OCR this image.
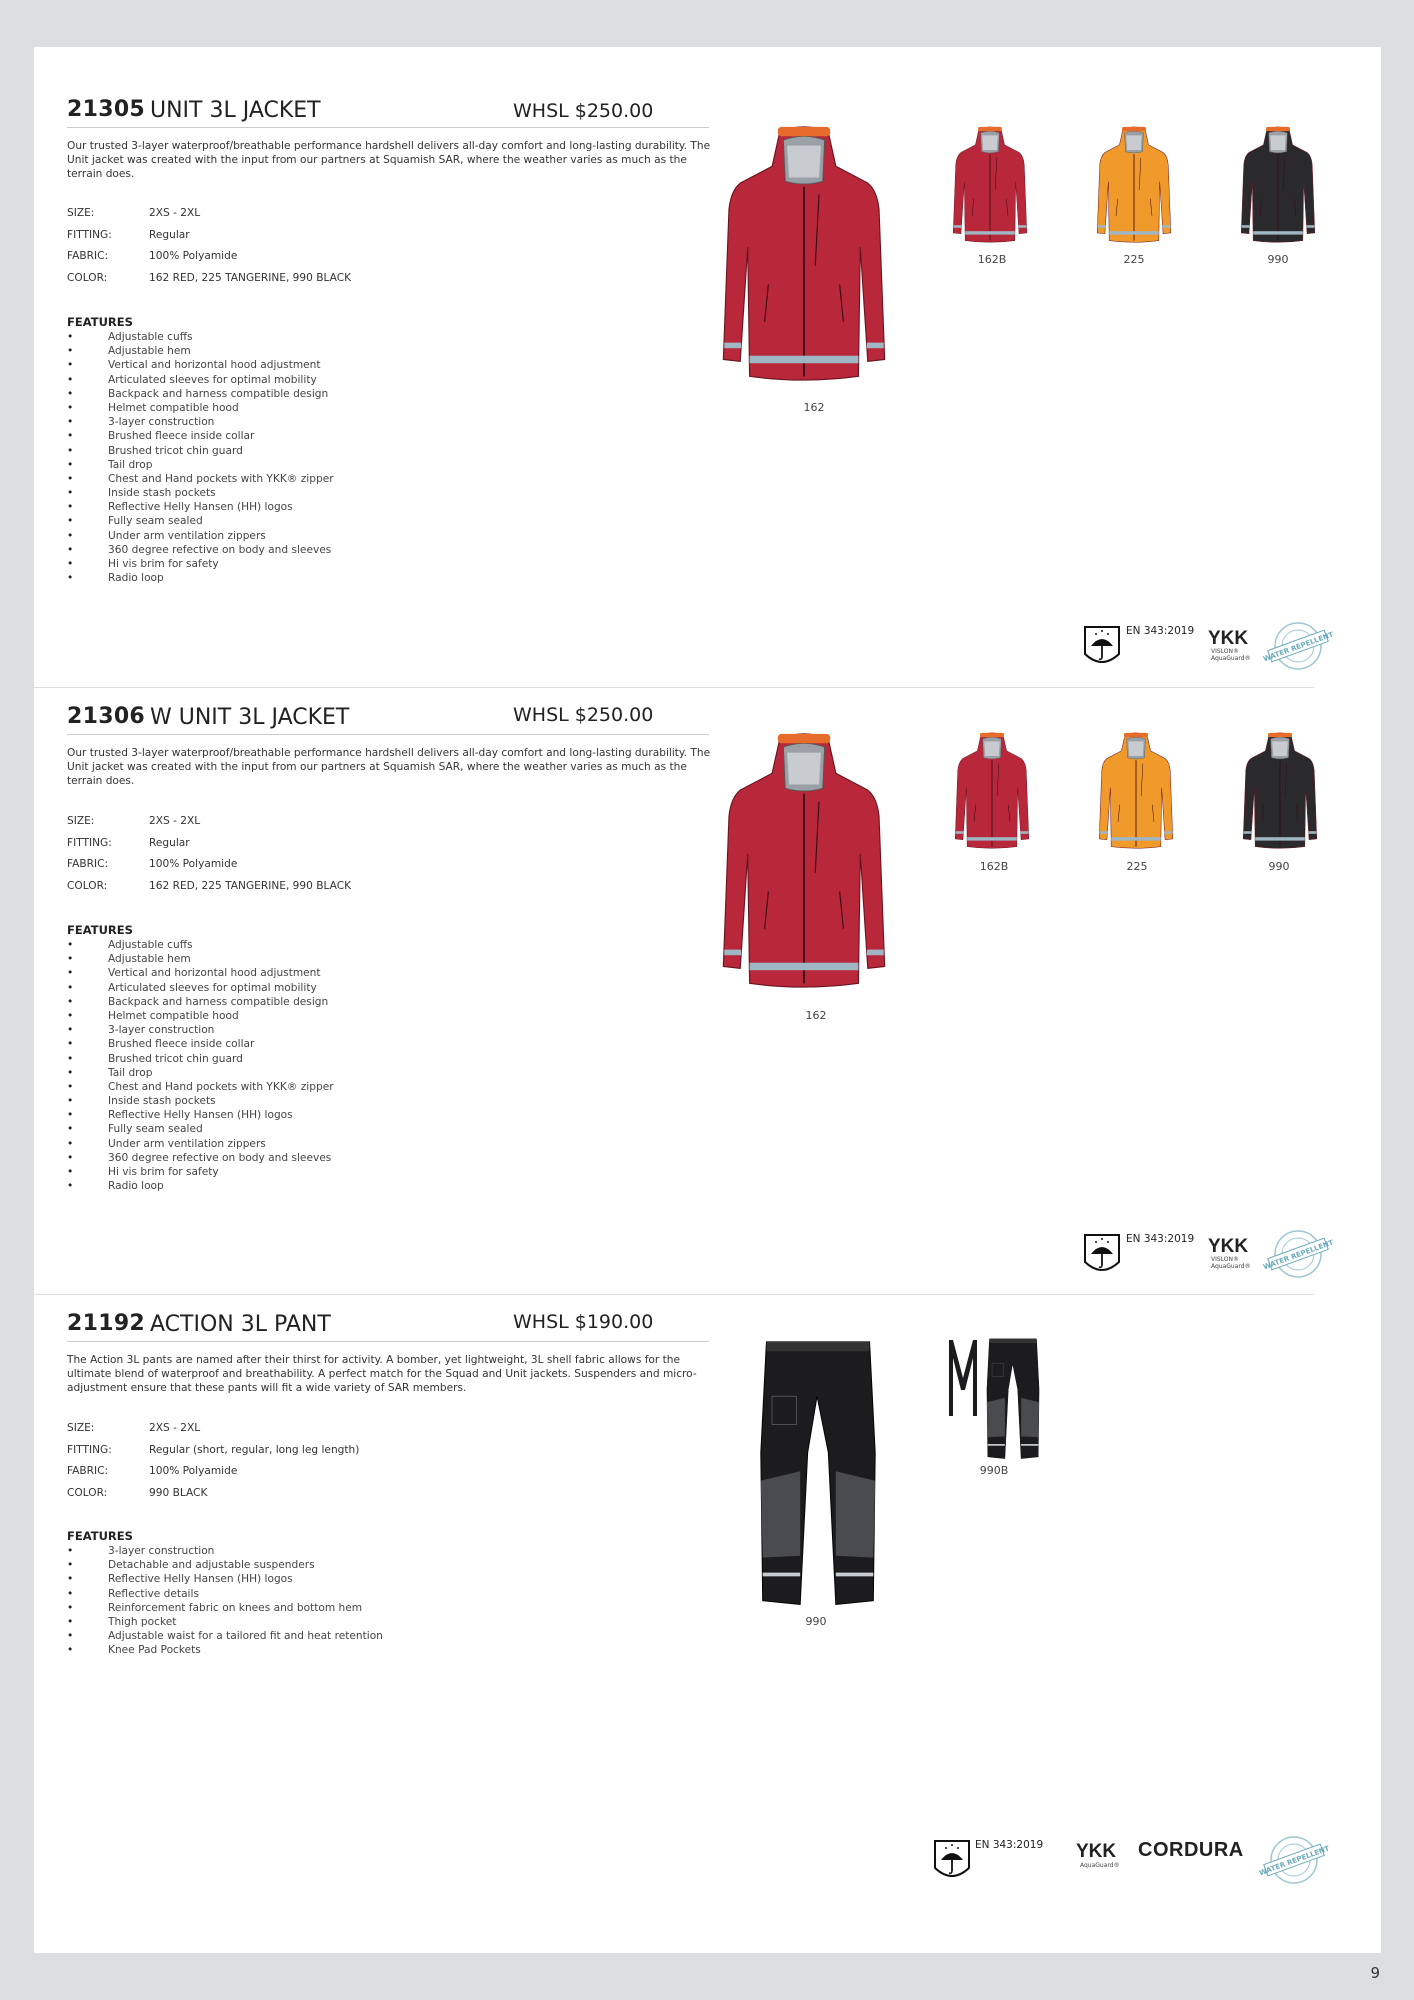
21305 UNIT 3L JACKET	WHSL $250.00
Our trusted 3-layer waterproof/breathable performance hardshell delivers all-day comfort and long-lasting durability. The Unit jacket was created with the input from our partners at Squamish SAR, where the weather varies as much as the terrain does.
SIZE:	2XS - 2XL
FITTING:	Regular
FABRIC:	100% Polyamide
COLOR:	162 RED, 225 TANGERINE, 990 BLACK
FEATURES
• Adjustable cuffs
• Adjustable hem
• Vertical and horizontal hood adjustment
• Articulated sleeves for optimal mobility
• Backpack and harness compatible design
• Helmet compatible hood
• 3-layer construction
• Brushed fleece inside collar
• Brushed tricot chin guard
• Tail drop
• Chest and Hand pockets with YKK® zipper
• Inside stash pockets
• Reflective Helly Hansen (HH) logos
• Fully seam sealed
• Under arm ventilation zippers
• 360 degree refective on body and sleeves
• Hi vis brim for safety
• Radio loop
162
162B	225	990
EN 343:2019 YKK
VISLON®
AquaGuard® WATER REPELLENT
21306 W UNIT 3L JACKET	WHSL $250.00
Our trusted 3-layer waterproof/breathable performance hardshell delivers all-day comfort and long-lasting durability. The Unit jacket was created with the input from our partners at Squamish SAR, where the weather varies as much as the terrain does.
SIZE:	2XS - 2XL
FITTING:	Regular
FABRIC:	100% Polyamide
COLOR:	162 RED, 225 TANGERINE, 990 BLACK
FEATURES
• Adjustable cuffs
• Adjustable hem
• Vertical and horizontal hood adjustment
• Articulated sleeves for optimal mobility
• Backpack and harness compatible design
• Helmet compatible hood
• 3-layer construction
• Brushed fleece inside collar
• Brushed tricot chin guard
• Tail drop
• Chest and Hand pockets with YKK® zipper
• Inside stash pockets
• Reflective Helly Hansen (HH) logos
• Fully seam sealed
• Under arm ventilation zippers
• 360 degree refective on body and sleeves
• Hi vis brim for safety
• Radio loop
162
162B	225	990
EN 343:2019 YKK
VISLON®
AquaGuard® WATER REPELLENT
21192 ACTION 3L PANT	WHSL $190.00
The Action 3L pants are named after their thirst for activity. A bomber, yet lightweight, 3L shell fabric allows for the ultimate blend of waterproof and breathability. A perfect match for the Squad and Unit jackets. Suspenders and micro-adjustment ensure that these pants will fit a wide variety of SAR members.
SIZE:	2XS - 2XL
FITTING:	Regular (short, regular, long leg length)
FABRIC:	100% Polyamide
COLOR:	990 BLACK
FEATURES
• 3-layer construction
• Detachable and adjustable suspenders
• Reflective Helly Hansen (HH) logos
• Reflective details
• Reinforcement fabric on knees and bottom hem
• Thigh pocket
• Adjustable waist for a tailored fit and heat retention
• Knee Pad Pockets
990
990B
EN 343:2019 YKK
AquaGuard®
CORDURA WATER REPELLENT
9
